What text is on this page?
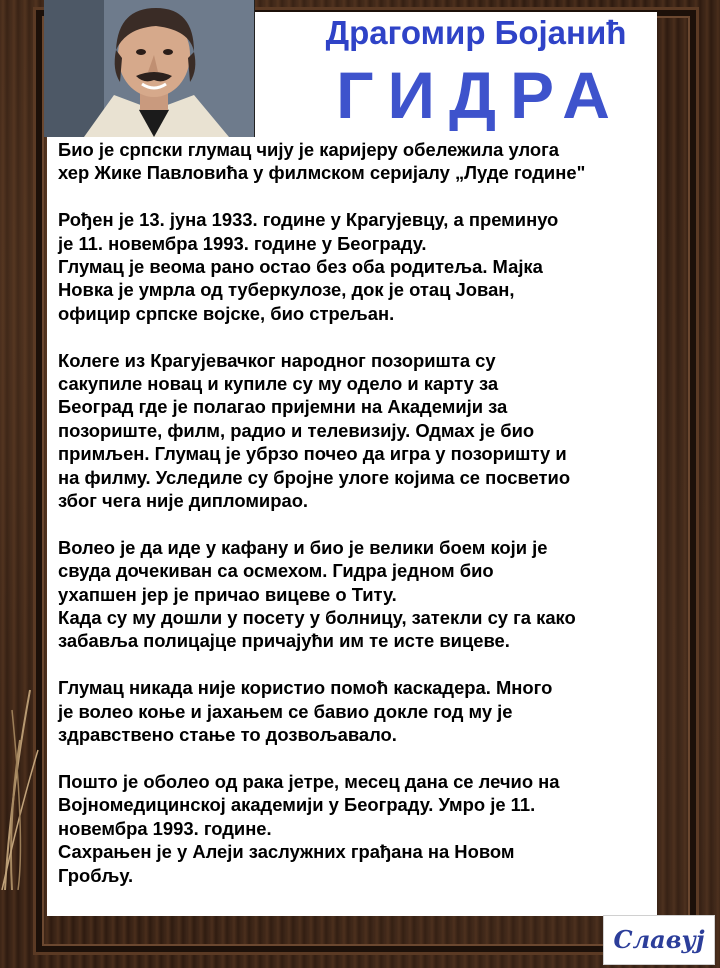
Драгомир Бојанић
ГИДРА

Био је српски глумац чију је каријеру обележила улога
хер Жике Павловића у филмском серијалу „Луде године"

Рођен је 13. јуна 1933. године у Крагујевцу, а преминуо
је 11. новембра 1993. године у Београду.
Глумац је веома рано остао без оба родитеља. Мајка
Новка је умрла од туберкулозе, док је отац Јован,
официр српске војске, био стрељан.

Колеге из Крагујевачког народног позоришта су
сакупиле новац и купиле су му одело и карту за
Београд где је полагао пријемни на Академији за
позориште, филм, радио и телевизију. Одмах је био
примљен. Глумац је убрзо почео да игра у позоришту и
на филму. Уследиле су бројне улоге којима се посветио
због чега није дипломирао.

Волео је да иде у кафану и био је велики боем који је
свуда дочекиван са осмехом. Гидра једном био
ухапшен јер је причао вицеве о Титу.
Када су му дошли у посету у болницу, затекли су га како
забавља полицајце причајући им те исте вицеве.

Глумац никада није користио помоћ каскадера. Много
је волео коње и јахањем се бавио докле год му је
здравствено стање то дозвољавало.

Пошто је оболео од рака јетре, месец дана се лечио на
Војномедицинској академији у Београду. Умро је 11.
новембра 1993. године.
Сахрањен је у Алеји заслужних грађана на Новом
Гробљу.

Славуј
